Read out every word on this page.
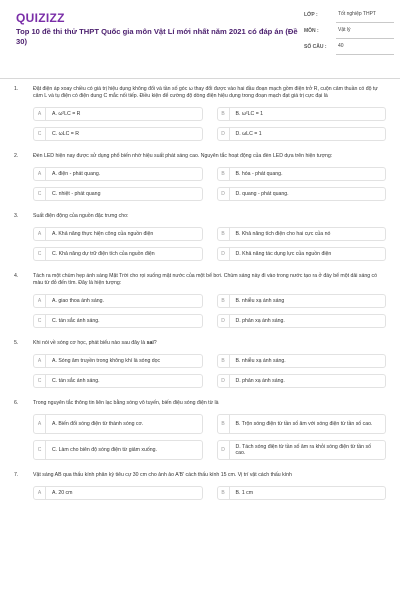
QUIZIZZ
Top 10 đề thi thử THPT Quốc gia môn Vật Lí mới nhất năm 2021 có đáp án (Đề 30)
LỚP :	Tốt nghiệp THPT
MÔN :	Vật lý
SỐ CÂU :	40
1.	Đặt điện áp xoay chiều có giá trị hiệu dụng không đổi và tần số góc ω thay đổi được vào hai đầu đoạn mạch gồm điện trở R, cuộn cảm thuần có độ tự cảm L và tụ điện có điện dung C mắc nối tiếp. Điều kiện để cường độ dòng điện hiệu dụng trong đoạn mạch đạt giá trị cực đại là
A	A. ω²LC = R	B	B. ω²LC = 1
C	C. ωLC = R	D	D. ωLC = 1
2.	Đèn LED hiện nay được sử dụng phổ biến nhờ hiệu suất phát sáng cao. Nguyên tắc hoạt động của đèn LED dựa trên hiện tượng:
A	A. điện - phát quang.	B	B. hóa - phát quang.
C	C. nhiệt - phát quang	D	D. quang - phát quang.
3.	Suất điện động của nguồn đặc trưng cho:
A	A. Khả năng thực hiện công của nguồn điện	B	B. Khả năng tích điện cho hai cực của nó
C	C. Khả năng dự trữ điện tích của nguồn điện	D	D. Khả năng tác dụng lực của nguồn điện
4.	Tách ra một chùm hẹp ánh sáng Mặt Trời cho rọi xuống mặt nước của một bể bơi. Chùm sáng này đi vào trong nước tạo ra ở đáy bể một dải sáng có màu từ đỏ đến tím. Đây là hiện tượng:
A	A. giao thoa ánh sáng.	B	B. nhiễu xạ ánh sáng
C	C. tán sắc ánh sáng.	D	D. phản xạ ánh sáng.
5.	Khi nói về sóng cơ học, phát biểu nào sau đây là sai?
A	A. Sóng âm truyền trong không khí là sóng dọc	B	B. nhiễu xạ ánh sáng.
C	C. tán sắc ánh sáng.	D	D. phản xạ ánh sáng.
6.	Trong nguyên tắc thông tin liên lạc bằng sóng vô tuyến, biến điệu sóng điện từ là
A	A. Biến đổi sóng điện từ thành sóng cơ.	B	B. Trộn sóng điện từ tần số âm với sóng điện từ tần số cao.
C	C. Làm cho biên độ sóng điện từ giảm xuống.	D	D. Tách sóng điện từ tần số âm ra khỏi sóng điện từ tần số cao.
7.	Vật sáng AB qua thấu kính phân kỳ tiêu cự 30 cm cho ảnh ảo A'B' cách thấu kính 15 cm. Vị trí vật cách thấu kính
A	A. 20 cm	B	B. 1 cm
